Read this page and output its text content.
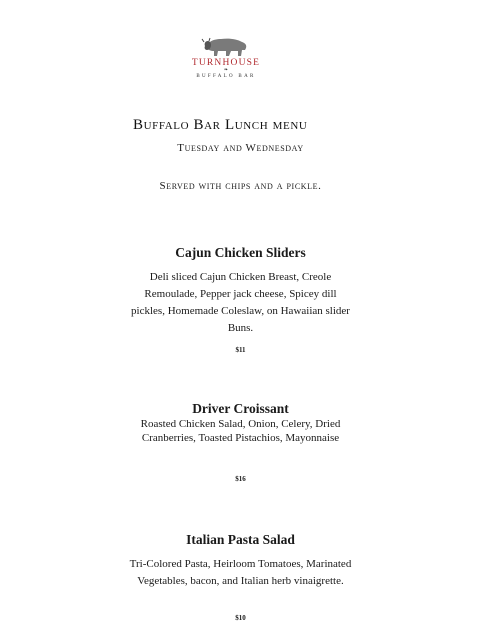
TURNHOUSE
❧
BUFFALO BAR
Buffalo Bar Lunch menu
Tuesday and Wednesday
Served with chips and a pickle.
Cajun Chicken Sliders
Deli sliced Cajun Chicken Breast, Creole Remoulade, Pepper jack cheese, Spicey dill pickles, Homemade Coleslaw, on Hawaiian slider Buns.
$11
Driver Croissant
Roasted Chicken Salad, Onion, Celery, Dried Cranberries, Toasted Pistachios, Mayonnaise
$16
Italian Pasta Salad
Tri-Colored Pasta, Heirloom Tomatoes, Marinated Vegetables, bacon, and Italian herb vinaigrette.
$10
